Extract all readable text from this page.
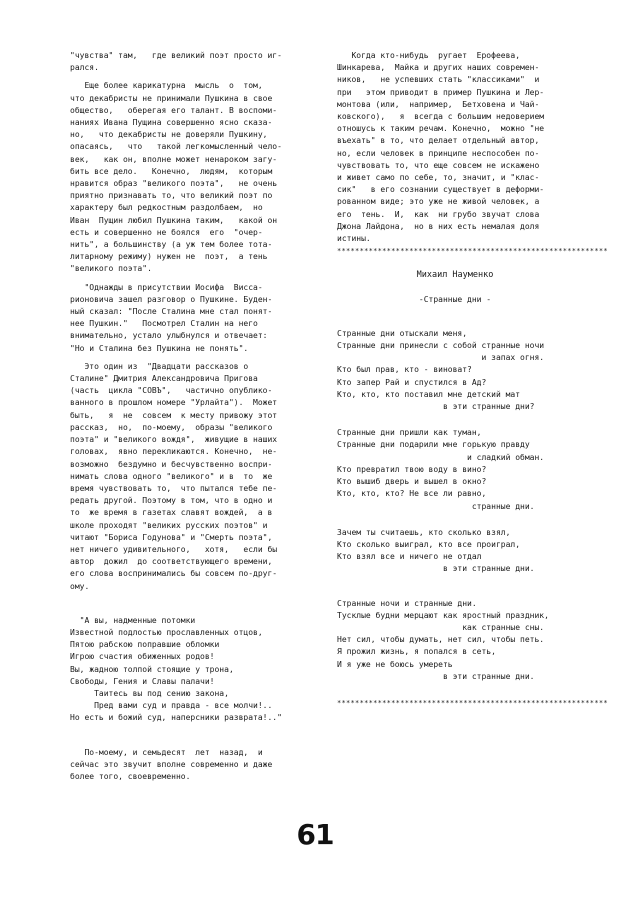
"чувства" там,   где великий поэт просто иг-
рался.

Еще более карикатурна  мысль  о  том,
что декабристы не принимали Пушкина в свое
общество,   оберегая его талант. В воспоми-
наниях Ивана Пущина совершенно ясно сказа-
но,   что декабристы не доверяли Пушкину,
опасаясь,   что   такой легкомысленный чело-
век,   как он, вполне может ненароком загу-
бить все дело.   Конечно,  людям,  которым
нравится образ "великого поэта",   не очень
приятно признавать то, что великий поэт по
характеру был редкостным раздолбаем,  но
Иван  Пущин любил Пушкина таким,   какой он
есть и совершенно не боялся  его  "очер-
нить", а большинству (а уж тем более тота-
литарному режиму) нужен не  поэт,  а тень
"великого поэта".

"Однажды в присутствии Иосифа  Висса-
рионовича зашел разговор о Пушкине. Буден-
ный сказал: "После Сталина мне стал понят-
нее Пушкин."   Посмотрел Сталин на него
внимательно, устало улыбнулся и отвечает:
"Но и Сталина без Пушкина не понять".

Это один из  "Двадцати рассказов о
Сталине" Дмитрия Александровича Пригова
(часть  цикла "СОВЪ",   частично опублико-
ванного в прошлом номере "Урлайта").  Может
быть,   я  не  совсем  к месту привожу этот
рассказ,  но,  по-моему,  образы "великого
поэта" и "великого вождя",  живущие в наших
головах,  явно перекликаются. Конечно,  не-
возможно  бездумно и бесчувственно воспри-
нимать слова одного "великого" и в  то  же
время чувствовать то,  что пытался тебе пе-
редать другой. Поэтому в том, что в одно и
то  же время в газетах славят вождей,  а в
школе проходят "великих русских поэтов" и
читают "Бориса Годунова" и "Смерть поэта",
нет ничего удивительного,   хотя,   если бы
автор  дожил  до соответствующего времени,
его слова воспринимались бы совсем по-друг-
ому.

"А вы, надменные потомки
Известной подлостью прославленных отцов,
Пятою рабскою поправшие обломки
Игрою счастия обиженных родов!
Вы, жадною толпой стоящие у трона,
Свободы, Гения и Славы палачи!
Таитесь вы под сению закона,
Пред вами суд и правда - все молчи!..
Но есть и божий суд, наперсники разврата!.."

По-моему, и семьдесят  лет  назад,  и
сейчас это звучит вполне современно и даже
более того, своевременно.

Когда кто-нибудь  ругает  Ерофеева,
Шинкарева,  Майка и других наших современ-
ников,   не успевших стать "классиками"  и
при   этом приводит в пример Пушкина и Лер-
монтова (или,  например,  Бетховена и Чай-
ковского),   я  всегда с большим недоверием
отношусь к таким речам. Конечно,  можно "не
въехать" в то, что делает отдельный автор,
но, если человек в принципе неспособен по-
чувствовать то, что еще совсем не искажено
и живет само по себе, то, значит, и "клас-
сик"   в его сознании существует в деформи-
рованном виде; это уже не живой человек, а
его  тень.  И,  как  ни грубо звучат слова
Джона Лайдона,  но в них есть немалая доля
истины.

************************************************************
Михаил Науменко
-Странные дни -

Странные дни отыскали меня,
Странные дни принесли с собой странные ночи
и запах огня.
Кто был прав, кто - виноват?
Кто запер Рай и спустился в Ад?
Кто, кто, кто поставил мне детский мат
в эти странные дни?

Странные дни пришли как туман,
Странные дни подарили мне горькую правду
и сладкий обман.
Кто превратил твою воду в вино?
Кто вышиб дверь и вышел в окно?
Кто, кто, кто? Не все ли равно,
странные дни.

Зачем ты считаешь, кто сколько взял,
Кто сколько выиграл, кто все проиграл,
Кто взял все и ничего не отдал
в эти странные дни.

Странные ночи и странные дни.
Тусклые будни мерцают как яростный праздник,
как странные сны.
Нет сил, чтобы думать, нет сил, чтобы петь.
Я прожил жизнь, я попался в сеть,
И я уже не боюсь умереть
в эти странные дни.

************************************************************
61
